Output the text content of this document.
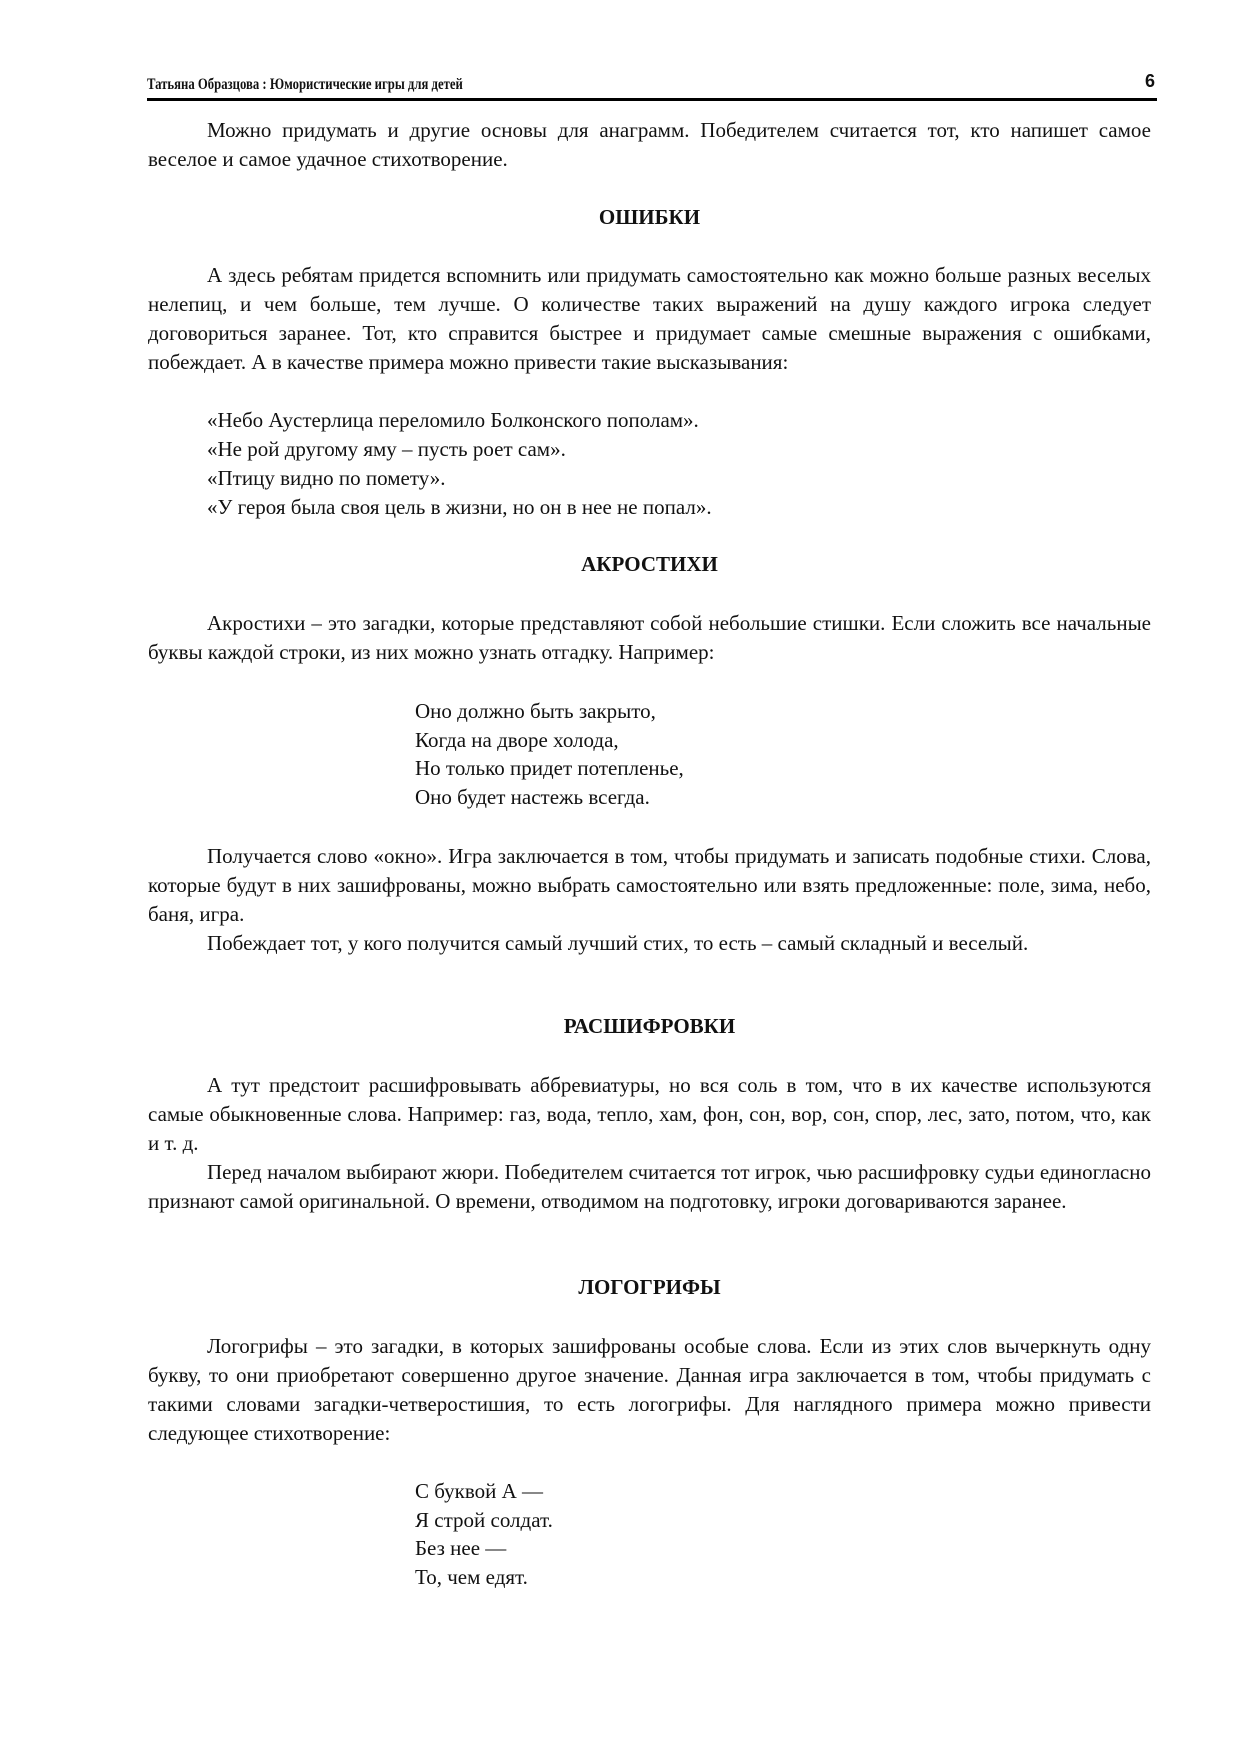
Татьяна Образцова : Юмористические игры для детей	6

Можно придумать и другие основы для анаграмм. Победителем считается тот, кто напишет самое веселое и самое удачное стихотворение.

ОШИБКИ

А здесь ребятам придется вспомнить или придумать самостоятельно как можно больше разных веселых нелепиц, и чем больше, тем лучше. О количестве таких выражений на душу каждого игрока следует договориться заранее. Тот, кто справится быстрее и придумает самые смешные выражения с ошибками, побеждает. А в качестве примера можно привести такие высказывания:

«Небо Аустерлица переломило Болконского пополам».
«Не рой другому яму – пусть роет сам».
«Птицу видно по помету».
«У героя была своя цель в жизни, но он в нее не попал».
АКРОСТИХИ

Акростихи – это загадки, которые представляют собой небольшие стишки. Если сложить все начальные буквы каждой строки, из них можно узнать отгадку. Например:

Оно должно быть закрыто,
Когда на дворе холода,
Но только придет потепленье,
Оно будет настежь всегда.

Получается слово «окно». Игра заключается в том, чтобы придумать и записать подобные стихи. Слова, которые будут в них зашифрованы, можно выбрать самостоятельно или взять предложенные: поле, зима, небо, баня, игра.

Побеждает тот, у кого получится самый лучший стих, то есть – самый складный и веселый.

РАСШИФРОВКИ

А тут предстоит расшифровывать аббревиатуры, но вся соль в том, что в их качестве используются самые обыкновенные слова. Например: газ, вода, тепло, хам, фон, сон, вор, сон, спор, лес, зато, потом, что, как и т. д.

Перед началом выбирают жюри. Победителем считается тот игрок, чью расшифровку судьи единогласно признают самой оригинальной. О времени, отводимом на подготовку, игроки договариваются заранее.

ЛОГОГРИФЫ

Логогрифы – это загадки, в которых зашифрованы особые слова. Если из этих слов вычеркнуть одну букву, то они приобретают совершенно другое значение. Данная игра заключается в том, чтобы придумать с такими словами загадки-четверостишия, то есть логогрифы. Для наглядного примера можно привести следующее стихотворение:

С буквой А —
Я строй солдат.
Без нее —
То, чем едят.
